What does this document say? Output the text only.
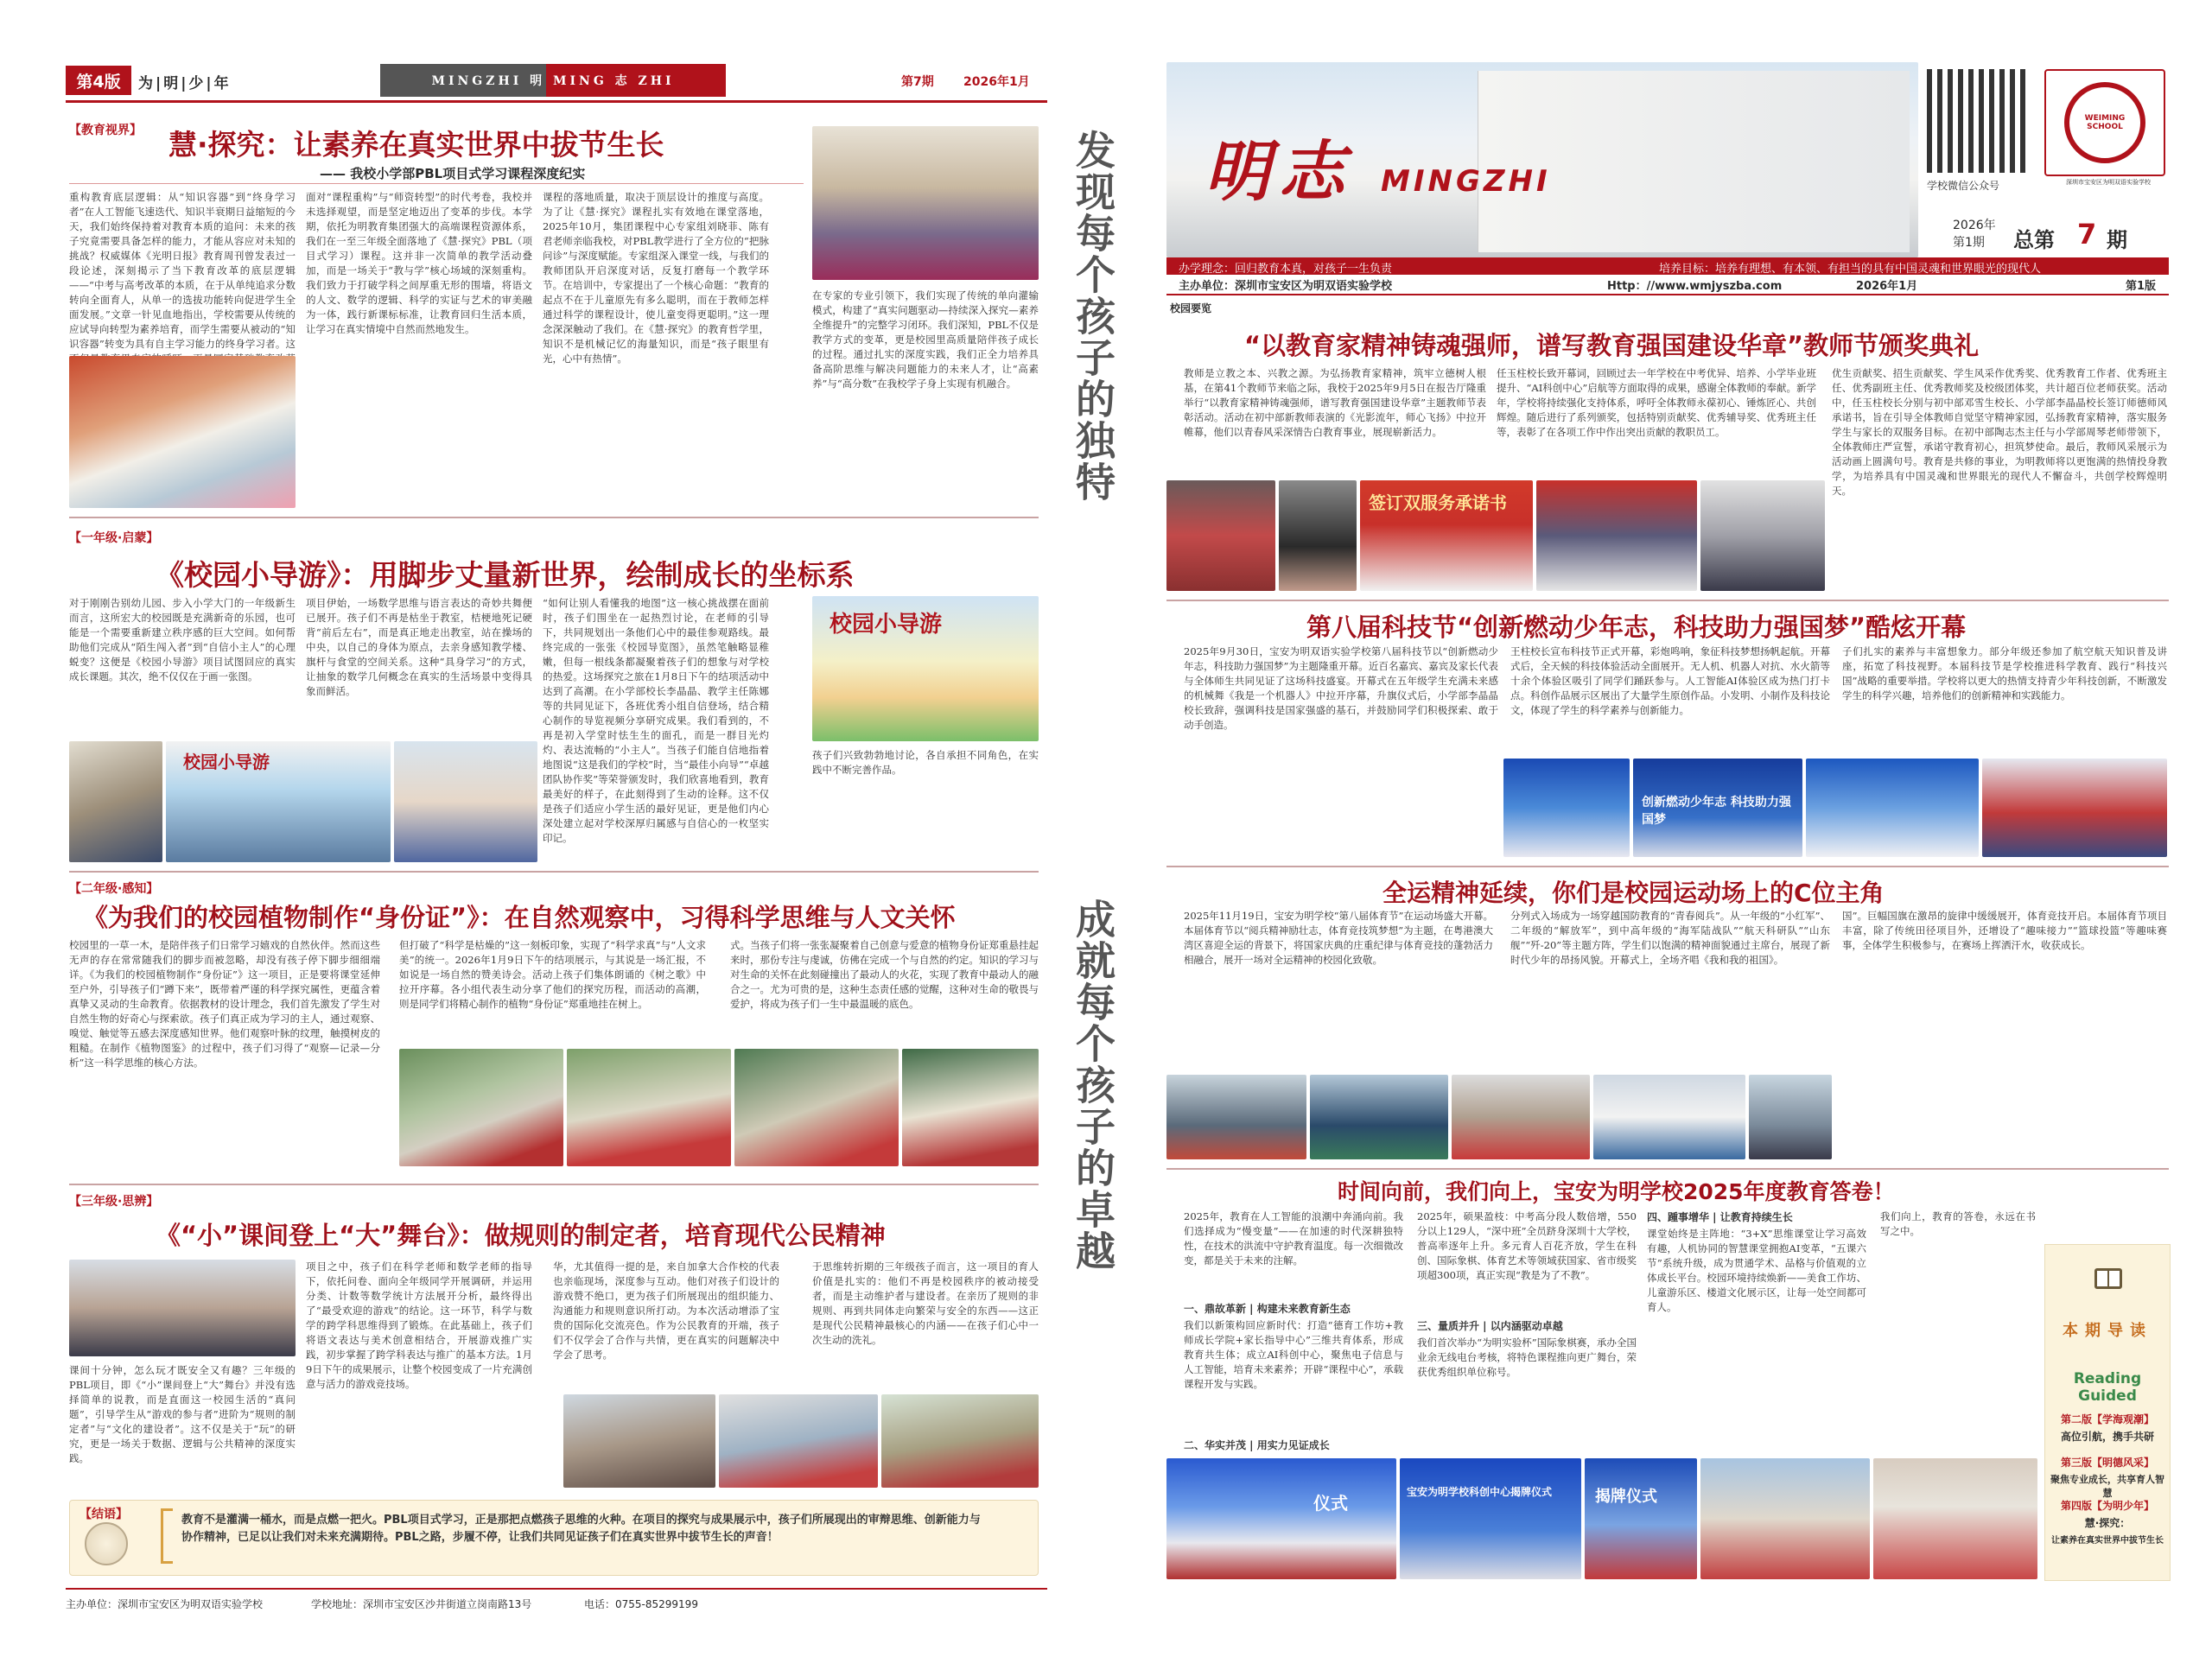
第4版	为|明|少|年	MINGZHI 明 MING 志 ZHI	第7期 2026年1月
【教育视界】 慧·探究：让素养在真实世界中拔节生长
—— 我校小学部PBL项目式学习课程深度纪实
重构教育底层逻辑：从“知识容器”到“终身学习者”在人工智能飞速迭代、知识半衰期日益缩短的今天，我们始终保持着对教育本质的追问：未来的孩子究竟需要具备怎样的能力，才能从容应对未知的挑战？权威媒体《光明日报》教育周刊曾发表过一段论述，深刻揭示了当下教育改革的底层逻辑——“中考与高考改革的本质，在于从单纯追求分数转向全面育人，从单一的选拔功能转向促进学生全面发展。”文章一针见血地指出，学校需要从传统的应试导向转型为素养培育，而学生需要从被动的“知识容器”转变为具有自主学习能力的终身学习者。这
面对“课程重构”与“师资转型”的时代考卷，我校并未选择观望，而是坚定地迈出了变革的步伐。本学期，依托为明教育集团强大的高端课程资源体系，我们在一至三年级全面落地了《慧·探究》PBL（项目式学习）课程。这并非一次简单的教学活动叠加，而是一场关于“教与学”核心场域的深刻重构。我们致力于打破学科之间厚重无形的围墙，将语文的人文、数学的逻辑、科学的实证与艺术的审美融为一体，践行新课标标准，让教育回归生活本质，让学习在真实情境中自然而然地发生。
课程的落地质量，取决于顶层设计的推度与高度。为了让《慧·探究》课程扎实有效地在课堂落地，2025年10月，集团课程中心专家组刘晓菲、陈有君老师亲临我校，对PBL教学进行了全方位的“把脉问诊”与深度赋能。专家组深入课堂一线，与我们的教师团队开启深度对话，反复打磨每一个教学环节。在培训中，专家提出了一个核心命题：“教育的起点不在于儿童原先有多么聪明，而在于教师怎样通过科学的课程设计，使儿童变得更聪明。”这一理念深深触动了我们。在《慧·探究》的教育哲学里，知识不是机械记忆的海量知识，而是“孩子眼里有光，心中有热情”。
在专家的专业引领下，我们实现了传统的单向灌输模式，构建了“真实问题驱动—持续深入探究—素养全维提升”的完整学习闭环。我们深知，PBL不仅是教学方式的变革，更是校园里高质量陪伴孩子成长的过程。通过扎实的深度实践，我们正全力培养具备高阶思维与解决问题能力的未来人才，让“高素养”与“高分数”在我校学子身上实现有机融合。
【一年级·启蒙】
《校园小导游》：用脚步丈量新世界，绘制成长的坐标系
对于刚刚告别幼儿园、步入小学大门的一年级新生而言，这所宏大的校园既是充满新奇的乐园，也可能是一个需要重新建立秩序感的巨大空间。如何帮助他们完成从“陌生闯入者”到“自信小主人”的心理蜕变？这便是《校园小导游》项目试图回应的真实成长课题。其次，绝不仅仅在于画一张图。
项目伊始，一场数学思维与语言表达的奇妙共舞便已展开。孩子们不再是枯坐于教室，桔梗地死记硬背“前后左右”，而是真正地走出教室，站在操场的中央，以自己的身体为原点，去亲身感知教学楼、旗杆与食堂的空间关系。这种“具身学习”的方式，让抽象的数学几何概念在真实的生活场景中变得具象而鲜活。
“如何让别人看懂我的地图”这一核心挑战摆在面前时，孩子们围坐在一起热烈讨论，在老师的引导下，共同规划出一条他们心中的最佳参观路线。最终完成的一张张《校园导览图》，虽然笔触略显稚嫩，但每一根线条都凝聚着孩子们的想象与对学校的热爱。这场探究之旅在1月8日下午的结项活动中达到了高潮。在小学部校长李晶晶、教学主任陈娜等的共同见证下，各班优秀小组自信登场，结合精心制作的导览视频分享研究成果。我们看到的，不再是初入学堂时怯生生的面孔，而是一群目光灼灼、表达流畅的“小主人”。当孩子们能自信地指着地图说“这是我们的学校”时，当“最佳小向导”“卓越团队协作奖”等荣誉颁发时，我们欣喜地看到，教育最美好的样子，在此刻得到了生动的诠释。这不仅是孩子们适应小学生活的最好见证，更是他们内心深处建立起对学校深厚归属感与自信心的一枚坚实印记。
校园小导游
校园小导游	孩子们兴致勃勃地讨论，各自承担不同角色，在实践中不断完善作品。
【二年级·感知】
《为我们的校园植物制作“身份证”》：在自然观察中，习得科学思维与人文关怀
校园里的一草一木，是陪伴孩子们日常学习嬉戏的自然伙伴。然而这些无声的存在常常随我们的脚步而被忽略，却没有孩子停下脚步细细端详。《为我们的校园植物制作“身份证”》这一项目，正是要将课堂延伸至户外，引导孩子们“蹲下来”，既带着严谨的科学探究属性，更蕴含着真挚又灵动的生命教育。依据教材的设计理念，我们首先激发了学生对自然生物的好奇心与探索欲。孩子们真正成为学习的主人，通过观察、嗅觉、触觉等五感去深度感知世界。他们观察叶脉的纹理，触摸树皮的粗糙。在制作《植物图鉴》的过程中，孩子们习得了“观察—记录—分析”这一科学思维的核心方法。
但打破了“科学是枯燥的”这一刻板印象，实现了“科学求真”与“人文求美”的统一。2026年1月9日下午的结项展示，与其说是一场汇报，不如说是一场自然的赞美诗会。活动上孩子们集体朗诵的《树之歌》中拉开序幕。各小组代表生动分享了他们的探究历程，而活动的高潮，则是同学们将精心制作的植物“身份证”郑重地挂在树上。
式。当孩子们将一张张凝聚着自己创意与爱意的植物身份证郑重悬挂起来时，那份专注与虔诚，仿佛在完成一个与自然的约定。知识的学习与对生命的关怀在此刻碰撞出了最动人的火花，实现了教育中最动人的融合之一。尤为可贵的是，这种生态责任感的觉醒，这种对生命的敬畏与爱护，将成为孩子们一生中最温暖的底色。
【三年级·思辨】
《“小”课间登上“大”舞台》：做规则的制定者，培育现代公民精神
课间十分钟，怎么玩才既安全又有趣？三年级的PBL项目，即《“小”课间登上“大”舞台》并没有选择简单的说教，而是直面这一校园生活的“真问题”，引导学生从“游戏的参与者”进阶为“规则的制定者”与“文化的建设者”。这不仅是关于“玩”的研究，更是一场关于数据、逻辑与公共精神的深度实践。
项目之中，孩子们在科学老师和数学老师的指导下，依托问卷、面向全年级同学开展调研，并运用分类、计数等数学统计方法展开分析，最终得出了“最受欢迎的游戏”的结论。这一环节，科学与数学的跨学科思维得到了锻炼。在此基础上，孩子们将语文表达与美术创意相结合，开展游戏推广实践，初步掌握了跨学科表达与推广的基本方法。1月9日下午的成果展示，让整个校园变成了一片充满创意与活力的游戏竞技场。
华，尤其值得一提的是，来自加拿大合作校的代表也亲临现场，深度参与互动。他们对孩子们设计的游戏赞不绝口，更为孩子们所展现出的组织能力、沟通能力和规则意识所打动。为本次活动增添了宝贵的国际化交流亮色。作为公民教育的开端，孩子们不仅学会了合作与共情，更在真实的问题解决中学会了思考。
于思维转折期的三年级孩子而言，这一项目的育人价值是扎实的：他们不再是校园秩序的被动接受者，而是主动维护者与建设者。在亲历了规则的非规则、再到共同体走向繁荣与安全的东西——这正是现代公民精神最核心的内涵——在孩子们心中一次生动的洗礼。
【结语】	教育不是灌满一桶水，而是点燃一把火。PBL项目式学习，正是那把点燃孩子思维的火种。在项目的探究与成果展示中，孩子们所展现出的审辩思维、创新能力与协作精神，已足以让我们对未来充满期待。PBL之路，步履不停，让我们共同见证孩子们在真实世界中拔节生长的声音！
主办单位：深圳市宝安区为明双语实验学校	学校地址：深圳市宝安区沙井街道立岗南路13号	电话：0755-85299199
发现每个孩子的独特
成就每个孩子的卓越
明志 MINGZHI	学校微信公众号
WEIMING SCHOOL
深圳市宝安区为明双语实验学校
2026年
第1期 总第 7 期
办学理念：回归教育本真，对孩子一生负责	培养目标：培养有理想、有本领、有担当的具有中国灵魂和世界眼光的现代人
主办单位：深圳市宝安区为明双语实验学校	Http：//www.wmjyszba.com	2026年1月	第1版
校园要览
“以教育家精神铸魂强师，谱写教育强国建设华章”教师节颁奖典礼
教师是立教之本、兴教之源。为弘扬教育家精神，筑牢立德树人根基，在第41个教师节来临之际，我校于2025年9月5日在报告厅隆重举行“以教育家精神铸魂强师，谱写教育强国建设华章”主题教师节表彰活动。活动在初中部新教师表演的《光影流年，师心飞扬》中拉开帷幕，他们以青春风采深情告白教育事业，展现崭新活力。
任玉柱校长致开幕词，回顾过去一年学校在中考优异、培养、小学毕业班提升、“AI科创中心”启航等方面取得的成果，感谢全体教师的奉献。新学年，学校将持续强化支持体系，呼吁全体教师永葆初心、锤炼匠心、共创辉煌。随后进行了系列颁奖，包括特别贡献奖、优秀辅导奖、优秀班主任等，表彰了在各项工作中作出突出贡献的教职员工。
优生贡献奖、招生贡献奖、学生风采作优秀奖、优秀教育工作者、优秀班主任、优秀副班主任、优秀教师奖及校级团体奖，共计超百位老师获奖。活动中，任玉柱校长分别与初中部邓雪生校长、小学部李晶晶校长签订师德师风承诺书，旨在引导全体教师自觉坚守精神家园，弘扬教育家精神，落实服务学生与家长的双服务目标。在初中部陶志杰主任与小学部周琴老师带领下，全体教师庄严宣誓，承诺守教育初心，担筑梦使命。最后，教师风采展示为活动画上圆满句号。教育是共修的事业，为明教师将以更饱满的热情投身教学，为培养具有中国灵魂和世界眼光的现代人不懈奋斗，共创学校辉煌明天。
签订双服务承诺书
第八届科技节“创新燃动少年志，科技助力强国梦”酷炫开幕
2025年9月30日，宝安为明双语实验学校第八届科技节以“创新燃动少年志，科技助力强国梦”为主题隆重开幕。近百名嘉宾、嘉宾及家长代表与全体师生共同见证了这场科技盛宴。开幕式在五年级学生充满未来感的机械舞《我是一个机器人》中拉开序幕，升旗仪式后，小学部李晶晶校长致辞，强调科技是国家强盛的基石，并鼓励同学们积极探索、敢于动手创造。
王柱校长宣布科技节正式开幕，彩炮鸣响，象征科技梦想扬帆起航。开幕式后，全天候的科技体验活动全面展开。无人机、机器人对抗、水火箭等十余个体验区吸引了同学们踊跃参与。人工智能AI体验区成为热门打卡点。科创作品展示区展出了大量学生原创作品。小发明、小制作及科技论文，体现了学生的科学素养与创新能力。
子们扎实的素养与丰富想象力。部分年级还参加了航空航天知识普及讲座，拓宽了科技视野。本届科技节是学校推进科学教育、践行“科技兴国”战略的重要举措。学校将以更大的热情支持青少年科技创新，不断激发学生的科学兴趣，培养他们的创新精神和实践能力。
创新燃动少年志 科技助力强国梦
全运精神延续，你们是校园运动场上的C位主角
2025年11月19日，宝安为明学校“第八届体育节”在运动场盛大开幕。本届体育节以“阅兵精神励壮志，体育竞技筑梦想”为主题，在粤港澳大湾区喜迎全运的背景下，将国家庆典的庄重纪律与体育竞技的蓬勃活力相融合，展开一场对全运精神的校园化致敬。
分列式入场成为一场穿越国防教育的“青春阅兵”。从一年级的“小红军”、二年级的“解放军”，到中高年级的“海军陆战队”“航天科研队”“山东舰”“歼-20”等主题方阵，学生们以饱满的精神面貌通过主席台，展现了新时代少年的昂扬风貌。开幕式上，全场齐唱《我和我的祖国》。
国”。巨幅国旗在激昂的旋律中缓缓展开，体育竞技开启。本届体育节项目丰富，除了传统田径项目外，还增设了“趣味接力”“篮球投篮”等趣味赛事，全体学生积极参与，在赛场上挥洒汗水，收获成长。
时间向前，我们向上，宝安为明学校2025年度教育答卷！
2025年，教育在人工智能的浪潮中奔涌向前。我们选择成为“慢变量”——在加速的时代深耕独特性，在技术的洪流中守护教育温度。每一次细微改变，都是关于未来的注解。
一、鼎故革新 | 构建未来教育新生态
我们以新策构回应新时代：打造“德育工作坊+教师成长学院+家长指导中心”三维共育体系，形成教育共生体；成立AI科创中心，聚焦电子信息与人工智能，培育未来素养；开辟“课程中心”，承载课程开发与实践。
二、华实并茂 | 用实力见证成长
2025年，硕果盈枝：中考高分段人数倍增，550分以上129人，“深中班”全员跻身深圳十大学校，普高率逐年上升。多元育人百花齐放，学生在科创、国际象棋、体育艺术等领域获国家、省市级奖项超300项，真正实现“教是为了不教”。
三、量质并升 | 以内涵驱动卓越
我们首次举办“为明实验杯”国际象棋赛，承办全国业余无线电台考核，将特色课程推向更广舞台，荣获优秀组织单位称号。
四、踵事增华 | 让教育持续生长
课堂始终是主阵地：“3+X”思维课堂让学习高效有趣，人机协同的智慧课堂拥抱AI变革，“五课六节”系统升级，成为贯通学术、品格与价值观的立体成长平台。校园环境持续焕新——美食工作坊、儿童游乐区、楼道文化展示区，让每一处空间都可育人。
我们向上，教育的答卷，永远在书写之中。
仪式
宝安为明学校科创中心揭牌仪式	揭牌仪式
本期导读
Reading Guided
第二版【学海观潮】
高位引航，携手共研
第三版【明德风采】
聚焦专业成长，共享育人智慧
第四版【为明少年】
慧·探究：
让素养在真实世界中拔节生长
